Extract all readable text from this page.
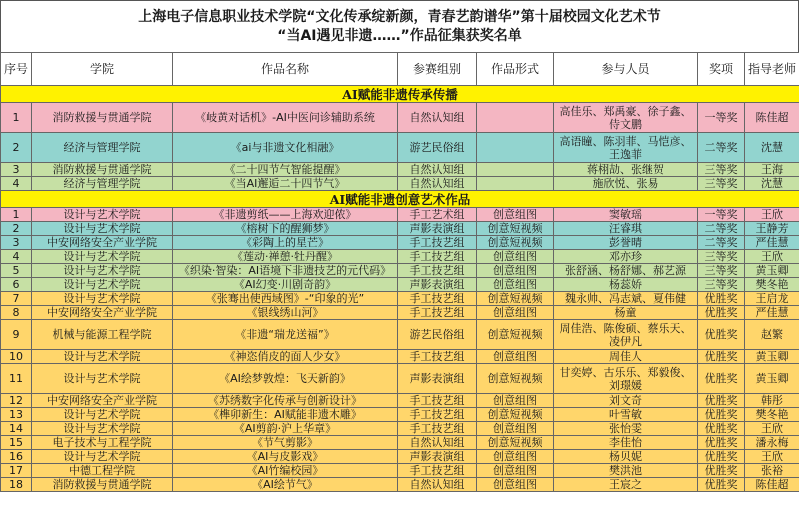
上海电子信息职业技术学院“文化传承绽新颜，青春艺韵谱华”第十届校园文化艺术节
“当AI遇见非遗……”作品征集获奖名单
序号	学院	作品名称	参赛组别	作品形式	参与人员	奖项	指导老师
AI赋能非遗传承传播							
1	消防救援与贯通学院	《岐黄对话机》-AI中医问诊辅助系统	自然认知组		高佳乐、郑禹豪、徐子鑫、侍文鹏	一等奖	陈佳超
2	经济与管理学院	《ai与非遗文化相融》	游艺民俗组		高语瞳、陈羽菲、马恺彦、王逸菲	二等奖	沈慧
3	消防救援与贯通学院	《二十四节气智能提醒》	自然认知组		蒋栩劼、张继贺	三等奖	王海
4	经济与管理学院	《当AI邂逅二十四节气》	自然认知组		施欣悦、张易	三等奖	沈慧
AI赋能非遗创意艺术作品							
1	设计与艺术学院	《非遗剪纸——上海欢迎侬》	手工艺术组	创意组图	窦敏瑶	一等奖	王欣
2	设计与艺术学院	《榕树下的醒狮梦》	声影表演组	创意短视频	汪睿琪	二等奖	王静芳
3	中安网络安全产业学院	《彩陶上的星芒》	手工技艺组	创意短视频	彭誉晴	二等奖	严佳慧
4	设计与艺术学院	《莲动·禅憩·牡丹醒》	手工技艺组	创意组图	邓亦珍	三等奖	王欣
5	设计与艺术学院	《织染·智染：AI语境下非遗技艺的元代码》	手工技艺组	创意组图	张舒涵、杨舒娜、郝艺源	三等奖	黄玉卿
6	设计与艺术学院	《AI幻变·川剧奇韵》	声影表演组	创意组图	杨蕊娇	三等奖	樊冬艳
7	设计与艺术学院	《张骞出使西域图》-“印象的光”	手工技艺组	创意短视频	魏永帅、冯志斌、夏伟健	优胜奖	王启龙
8	中安网络安全产业学院	《银线绣山河》	手工技艺组	创意组图	杨童	优胜奖	严佳慧
9	机械与能源工程学院	《非遗“瑞龙送福”》	游艺民俗组	创意短视频	周佳浩、陈俊硕、蔡乐天、凌伊凡	优胜奖	赵繁
10	设计与艺术学院	《神恣俏皮的面人少女》	手工技艺组	创意组图	周佳人	优胜奖	黄玉卿
11	设计与艺术学院	《AI绘梦敦煌：飞天新韵》	声影表演组	创意短视频	甘奕婷、古乐乐、郑毅俊、刘璟媛	优胜奖	黄玉卿
12	中安网络安全产业学院	《苏绣数字化传承与创新设计》	手工技艺组	创意组图	刘文奇	优胜奖	韩彤
13	设计与艺术学院	《榫卯新生：AI赋能非遗木雕》	手工技艺组	创意短视频	叶雪敏	优胜奖	樊冬艳
14	设计与艺术学院	《AI剪韵·沪上华章》	手工技艺组	创意组图	张怡雯	优胜奖	王欣
15	电子技术与工程学院	《节气剪影》	自然认知组	创意短视频	李佳怡	优胜奖	潘永梅
16	设计与艺术学院	《AI与皮影戏》	声影表演组	创意组图	杨贝妮	优胜奖	王欣
17	中德工程学院	《AI竹编校园》	手工技艺组	创意组图	樊洪池	优胜奖	张裕
18	消防救援与贯通学院	《AI绘节气》	自然认知组	创意组图	王宸之	优胜奖	陈佳超
